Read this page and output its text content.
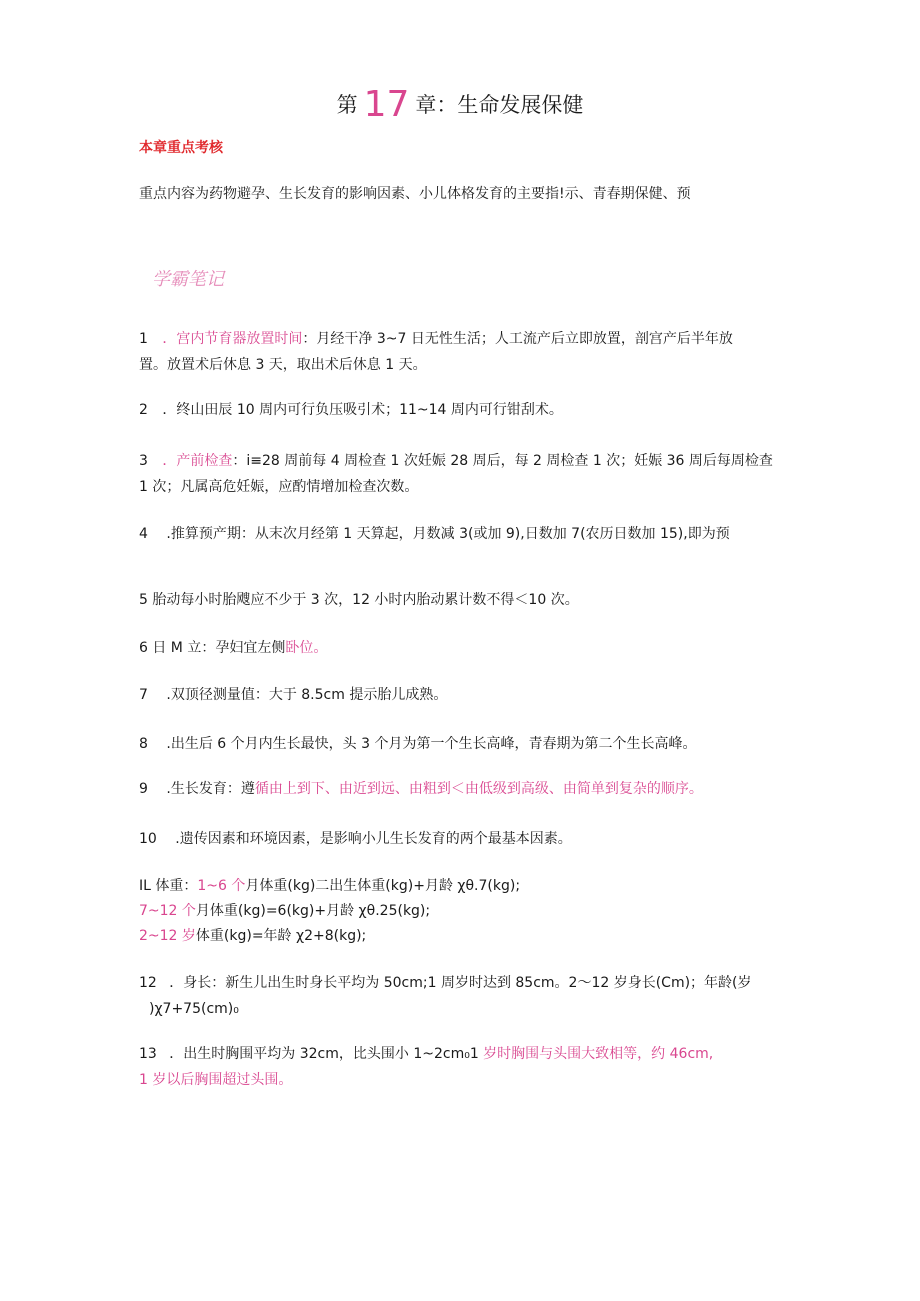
第 17 章：生命发展保健
本章重点考核
重点内容为药物避孕、生长发育的影响因素、小儿体格发育的主要指!示、青春期保健、预
学霸笔记
1 ．宫内节育器放置时间：月经干净 3~7 日无性生活；人工流产后立即放置，剖宫产后半年放
置。放置术后休息 3 天，取出术后休息 1 天。
2 ．终山田辰 10 周内可行负压吸引术；11~14 周内可行钳刮术。
3 ．产前检查：i≡28 周前每 4 周检查 1 次妊娠 28 周后，每 2 周检查 1 次；妊娠 36 周后每周检查
1 次；凡属高危妊娠，应酌情增加检查次数。
4 .推算预产期：从末次月经第 1 天算起，月数减 3(或加 9),日数加 7(农历日数加 15),即为预
5 胎动每小时胎飕应不少于 3 次，12 小时内胎动累计数不得＜10 次。
6 日 M 立：孕妇宜左侧卧位。
7 .双顶径测量值：大于 8.5cm 提示胎儿成熟。
8 .出生后 6 个月内生长最快，头 3 个月为第一个生长高峰，青春期为第二个生长高峰。
9 .生长发育：遵循由上到下、由近到远、由粗到＜由低级到高级、由简单到复杂的顺序。
10 .遗传因素和环境因素，是影响小儿生长发育的两个最基本因素。
IL 体重：1~6 个月体重(kg)二出生体重(kg)+月龄 χθ.7(kg);
7~12 个月体重(kg)=6(kg)+月龄 χθ.25(kg);
2~12 岁体重(kg)=年龄 χ2+8(kg);
12 ．身长：新生儿出生时身长平均为 50cm;1 周岁时达到 85cm。2～12 岁身长(Cm)；年龄(岁
)χ7+75(cm)₀
13 ．出生时胸围平均为 32cm，比头围小 1~2cm₀1 岁时胸围与头围大致相等，约 46cm,
1 岁以后胸围超过头围。
